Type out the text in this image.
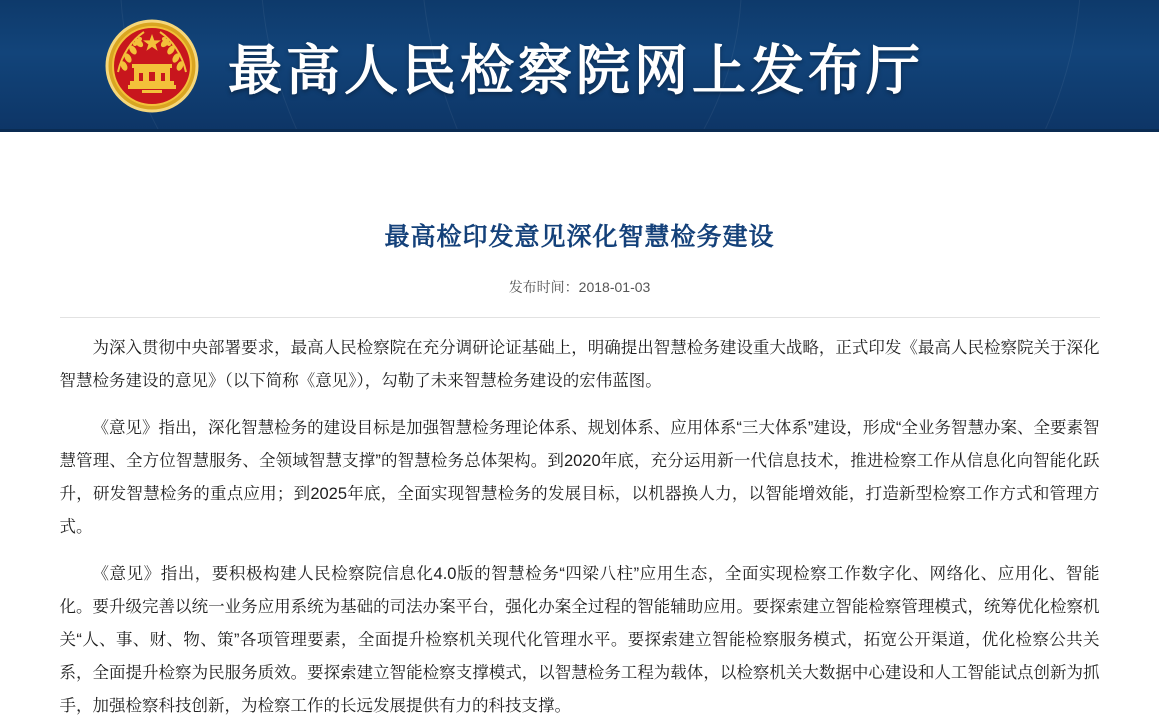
最高人民检察院网上发布厅
最高检印发意见深化智慧检务建设
发布时间：2018-01-03

为深入贯彻中央部署要求，最高人民检察院在充分调研论证基础上，明确提出智慧检务建设重大战略，正式印发《最高人民检察院关于深化智慧检务建设的意见》（以下简称《意见》），勾勒了未来智慧检务建设的宏伟蓝图。

《意见》指出，深化智慧检务的建设目标是加强智慧检务理论体系、规划体系、应用体系“三大体系”建设，形成“全业务智慧办案、全要素智慧管理、全方位智慧服务、全领域智慧支撑”的智慧检务总体架构。到2020年底，充分运用新一代信息技术，推进检察工作从信息化向智能化跃升，研发智慧检务的重点应用；到2025年底，全面实现智慧检务的发展目标，以机器换人力，以智能增效能，打造新型检察工作方式和管理方式。

《意见》指出，要积极构建人民检察院信息化4.0版的智慧检务“四梁八柱”应用生态，全面实现检察工作数字化、网络化、应用化、智能化。要升级完善以统一业务应用系统为基础的司法办案平台，强化办案全过程的智能辅助应用。要探索建立智能检察管理模式，统筹优化检察机关“人、事、财、物、策”各项管理要素，全面提升检察机关现代化管理水平。要探索建立智能检察服务模式，拓宽公开渠道，优化检察公共关系，全面提升检察为民服务质效。要探索建立智能检察支撑模式，以智慧检务工程为载体，以检察机关大数据中心建设和人工智能试点创新为抓手，加强检察科技创新，为检察工作的长远发展提供有力的科技支撑。
